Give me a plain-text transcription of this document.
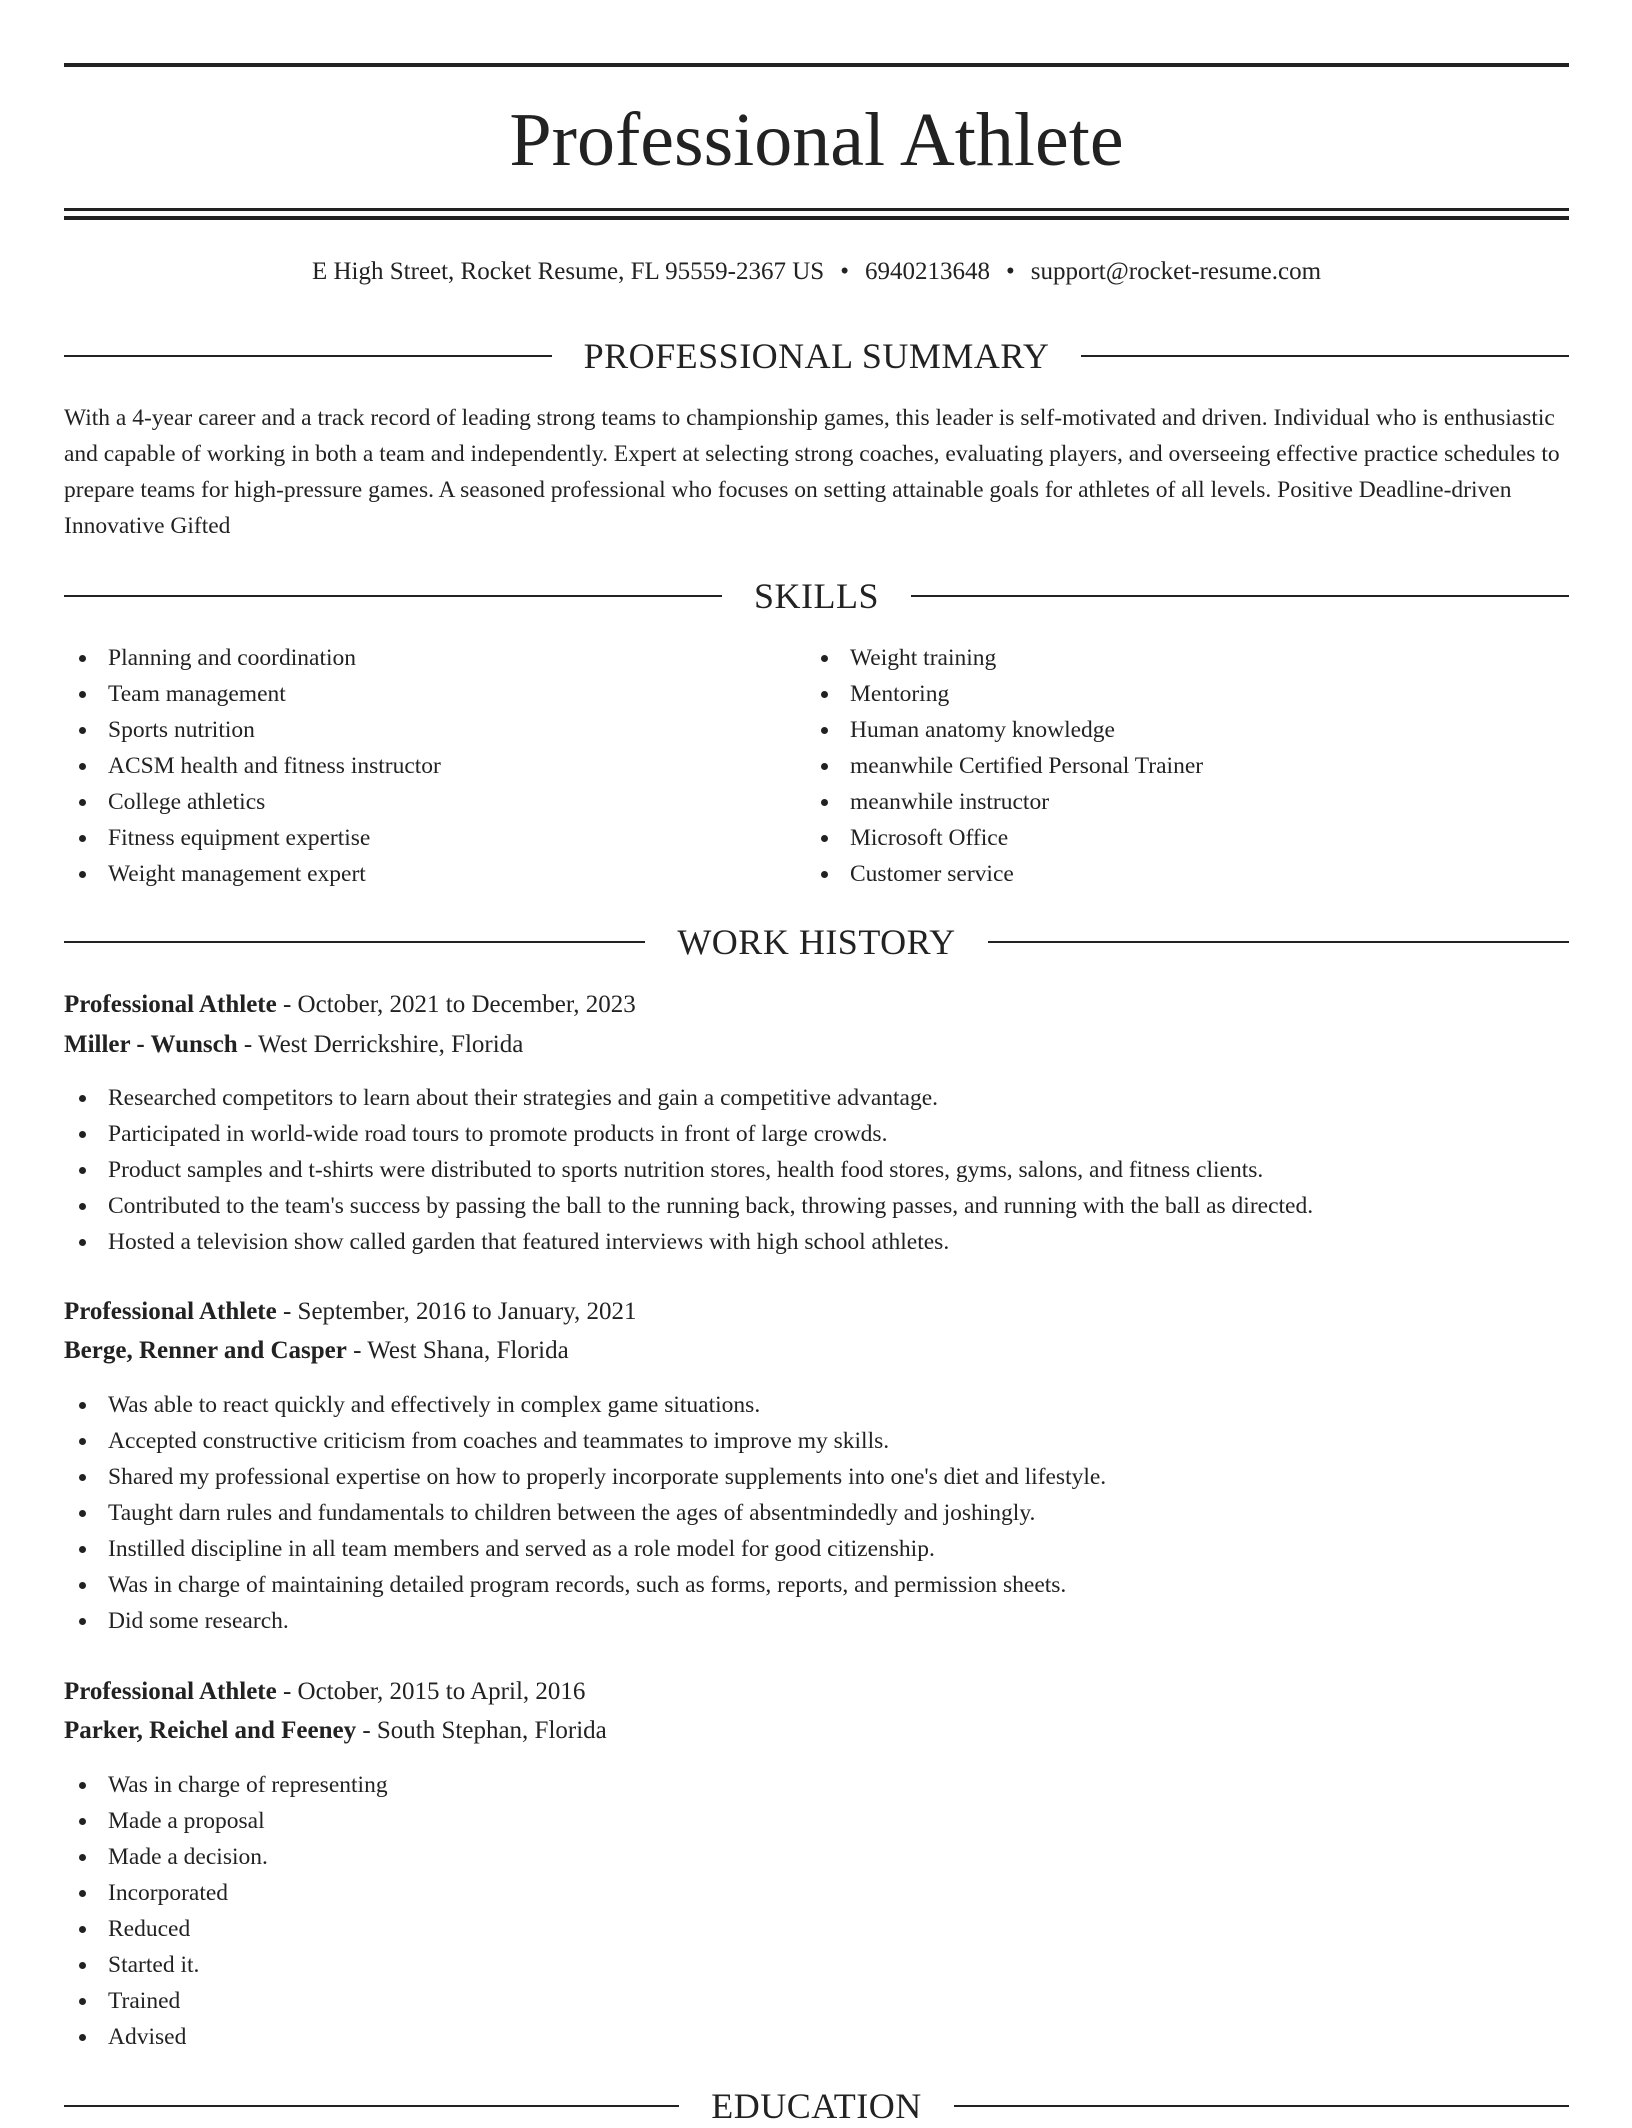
Professional Athlete
E High Street, Rocket Resume, FL 95559-2367 US • 6940213648 • support@rocket-resume.com
PROFESSIONAL SUMMARY

With a 4-year career and a track record of leading strong teams to championship games, this leader is self-motivated and driven. Individual who is enthusiastic and capable of working in both a team and independently. Expert at selecting strong coaches, evaluating players, and overseeing effective practice schedules to prepare teams for high-pressure games. A seasoned professional who focuses on setting attainable goals for athletes of all levels. Positive Deadline-driven Innovative Gifted

SKILLS
Planning and coordination
Team management
Sports nutrition
ACSM health and fitness instructor
College athletics
Fitness equipment expertise
Weight management expert
Weight training
Mentoring
Human anatomy knowledge
meanwhile Certified Personal Trainer
meanwhile instructor
Microsoft Office
Customer service
WORK HISTORY
Professional Athlete - October, 2021 to December, 2023
Miller - Wunsch - West Derrickshire, Florida
Researched competitors to learn about their strategies and gain a competitive advantage.
Participated in world-wide road tours to promote products in front of large crowds.
Product samples and t-shirts were distributed to sports nutrition stores, health food stores, gyms, salons, and fitness clients.
Contributed to the team's success by passing the ball to the running back, throwing passes, and running with the ball as directed.
Hosted a television show called garden that featured interviews with high school athletes.
Professional Athlete - September, 2016 to January, 2021
Berge, Renner and Casper - West Shana, Florida
Was able to react quickly and effectively in complex game situations.
Accepted constructive criticism from coaches and teammates to improve my skills.
Shared my professional expertise on how to properly incorporate supplements into one's diet and lifestyle.
Taught darn rules and fundamentals to children between the ages of absentmindedly and joshingly.
Instilled discipline in all team members and served as a role model for good citizenship.
Was in charge of maintaining detailed program records, such as forms, reports, and permission sheets.
Did some research.
Professional Athlete - October, 2015 to April, 2016
Parker, Reichel and Feeney - South Stephan, Florida
Was in charge of representing
Made a proposal
Made a decision.
Incorporated
Reduced
Started it.
Trained
Advised
EDUCATION
